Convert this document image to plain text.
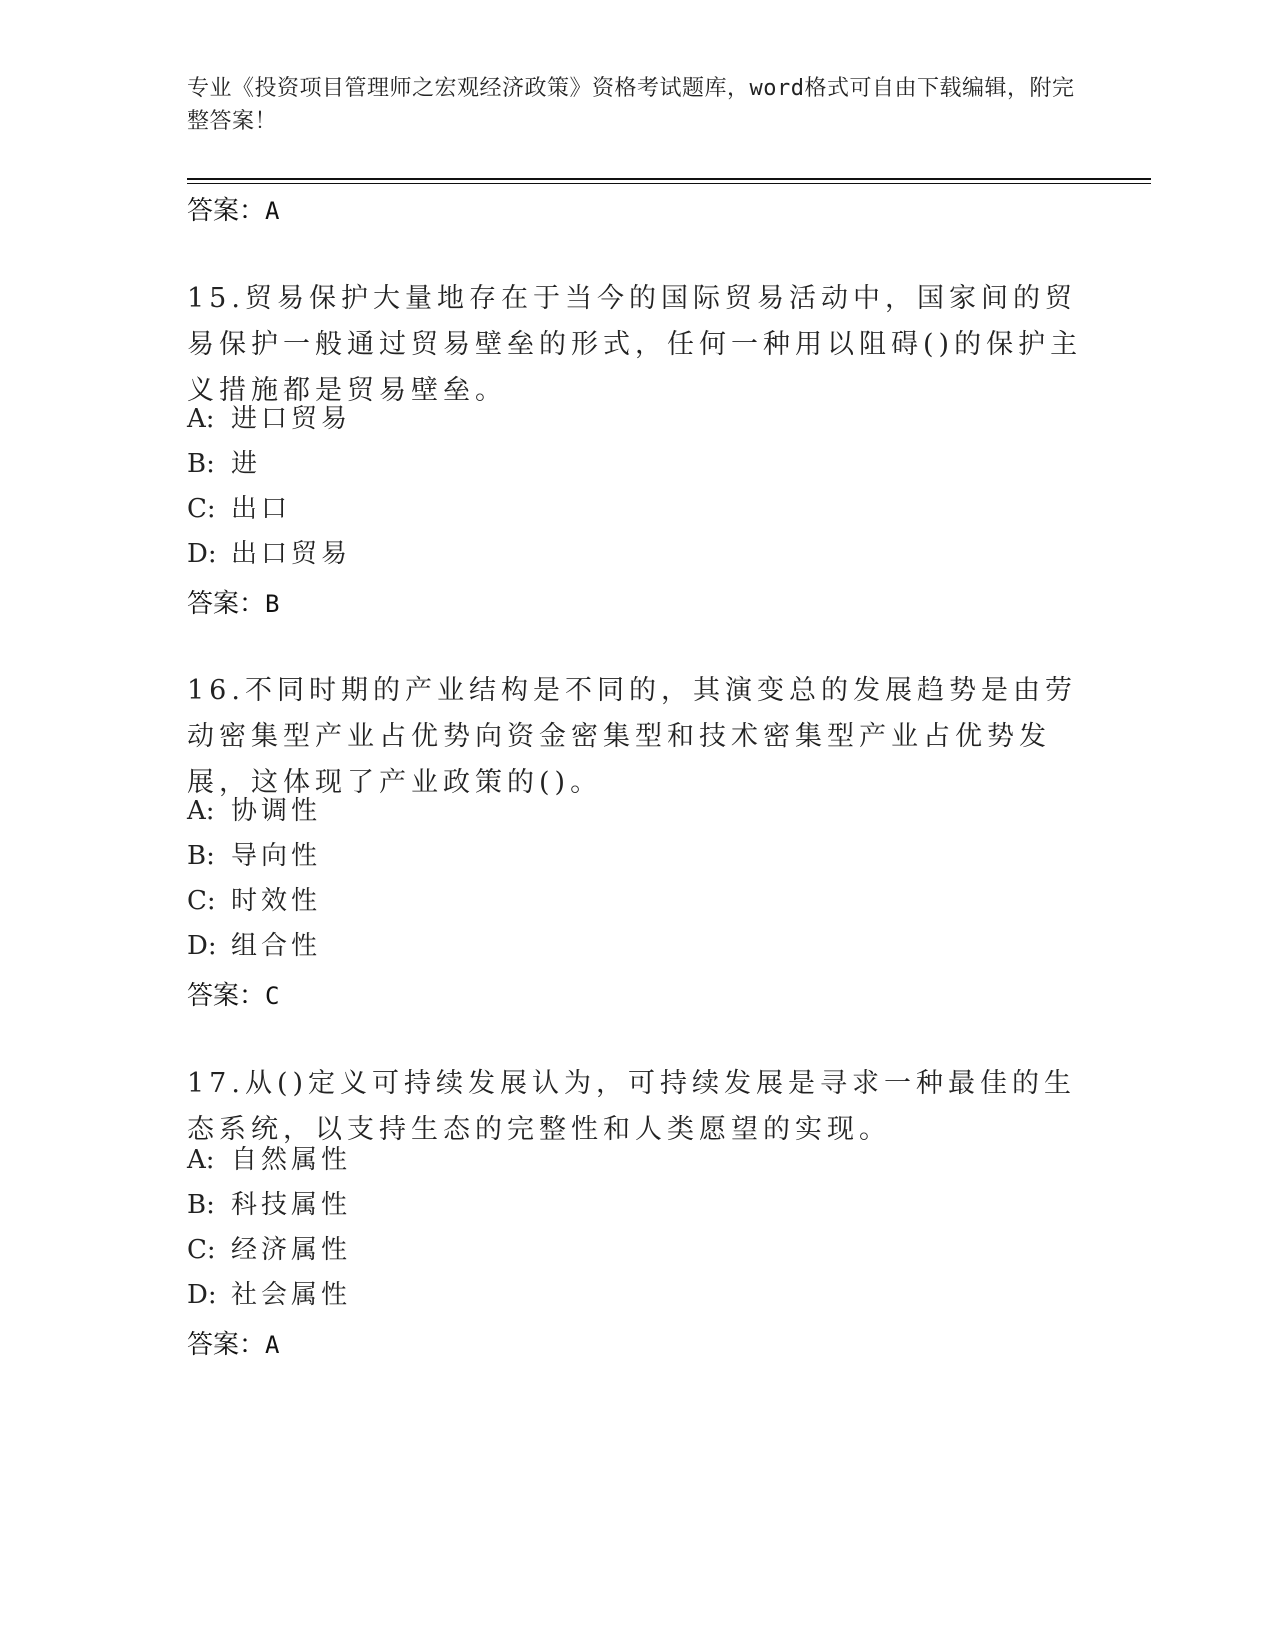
专业《投资项目管理师之宏观经济政策》资格考试题库，word格式可自由下载编辑，附完整答案！
答案：A
15.贸易保护大量地存在于当今的国际贸易活动中，国家间的贸易保护一般通过贸易壁垒的形式，任何一种用以阻碍()的保护主义措施都是贸易壁垒。
A: 进口贸易
B: 进
C: 出口
D: 出口贸易
答案：B
16.不同时期的产业结构是不同的，其演变总的发展趋势是由劳动密集型产业占优势向资金密集型和技术密集型产业占优势发展，这体现了产业政策的()。
A: 协调性
B: 导向性
C: 时效性
D: 组合性
答案：C
17.从()定义可持续发展认为，可持续发展是寻求一种最佳的生态系统，以支持生态的完整性和人类愿望的实现。
A: 自然属性
B: 科技属性
C: 经济属性
D: 社会属性
答案：A
